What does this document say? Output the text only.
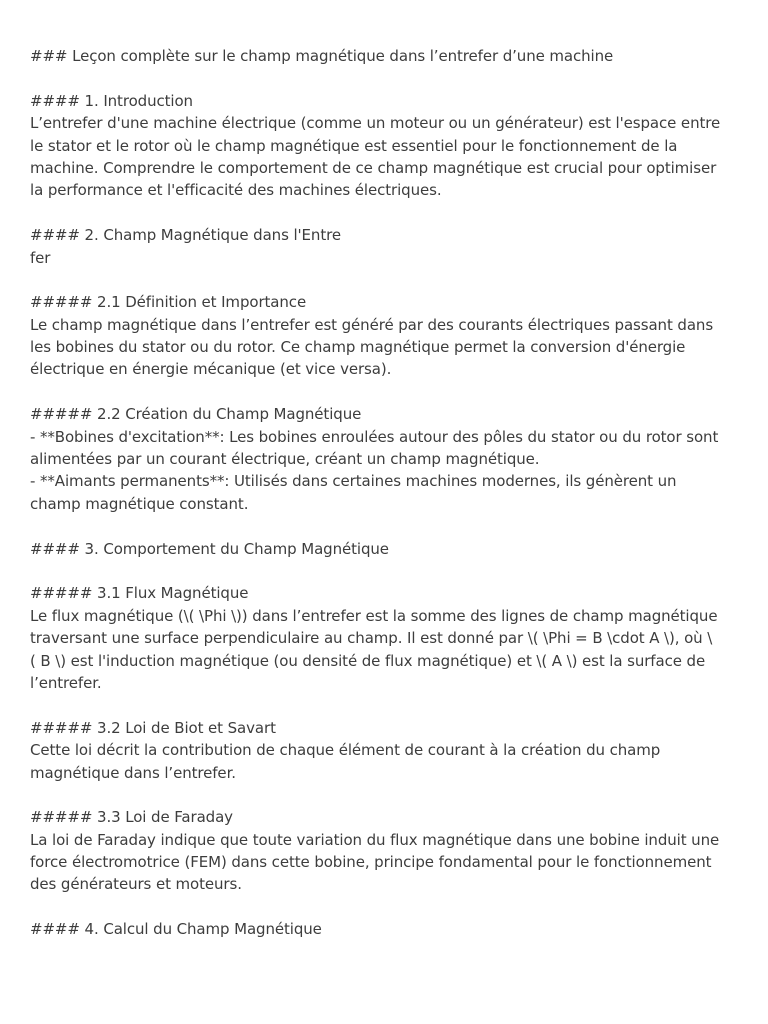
### Leçon complète sur le champ magnétique dans l’entrefer d’une machine
#### 1. Introduction
L’entrefer d'une machine électrique (comme un moteur ou un générateur) est l'espace entre
le stator et le rotor où le champ magnétique est essentiel pour le fonctionnement de la
machine. Comprendre le comportement de ce champ magnétique est crucial pour optimiser
la performance et l'efficacité des machines électriques.
#### 2. Champ Magnétique dans l'Entre
fer
##### 2.1 Définition et Importance
Le champ magnétique dans l’entrefer est généré par des courants électriques passant dans
les bobines du stator ou du rotor. Ce champ magnétique permet la conversion d'énergie
électrique en énergie mécanique (et vice versa).
##### 2.2 Création du Champ Magnétique
- **Bobines d'excitation**: Les bobines enroulées autour des pôles du stator ou du rotor sont
alimentées par un courant électrique, créant un champ magnétique.
- **Aimants permanents**: Utilisés dans certaines machines modernes, ils génèrent un
champ magnétique constant.
#### 3. Comportement du Champ Magnétique
##### 3.1 Flux Magnétique
Le flux magnétique (\( \Phi \)) dans l’entrefer est la somme des lignes de champ magnétique
traversant une surface perpendiculaire au champ. Il est donné par \( \Phi = B \cdot A \), où \
( B \) est l'induction magnétique (ou densité de flux magnétique) et \( A \) est la surface de
l’entrefer.
##### 3.2 Loi de Biot et Savart
Cette loi décrit la contribution de chaque élément de courant à la création du champ
magnétique dans l’entrefer.
##### 3.3 Loi de Faraday
La loi de Faraday indique que toute variation du flux magnétique dans une bobine induit une
force électromotrice (FEM) dans cette bobine, principe fondamental pour le fonctionnement
des générateurs et moteurs.
#### 4. Calcul du Champ Magnétique
